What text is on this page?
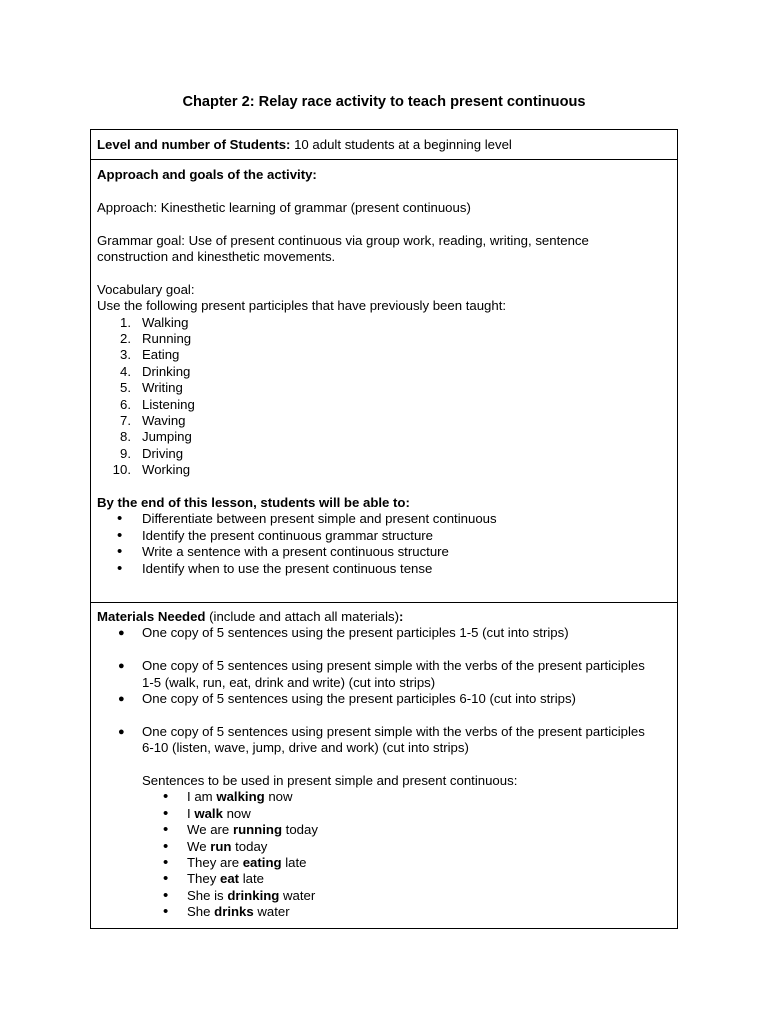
Chapter 2: Relay race activity to teach present continuous

Level and number of Students: 10 adult students at a beginning level

Approach and goals of the activity:

Approach: Kinesthetic learning of grammar (present continuous)

Grammar goal: Use of present continuous via group work, reading, writing, sentence

construction and kinesthetic movements.

Vocabulary goal:

Use the following present participles that have previously been taught:

1. Walking
2. Running
3. Eating
4. Drinking
5. Writing
6. Listening
7. Waving
8. Jumping
9. Driving
10. Working

By the end of this lesson, students will be able to:

• Differentiate between present simple and present continuous
• Identify the present continuous grammar structure
• Write a sentence with a present continuous structure
• Identify when to use the present continuous tense

Materials Needed (include and attach all materials):

● One copy of 5 sentences using the present participles 1-5 (cut into strips)
● One copy of 5 sentences using present simple with the verbs of the present participles
1-5 (walk, run, eat, drink and write) (cut into strips)
● One copy of 5 sentences using the present participles 6-10 (cut into strips)
● One copy of 5 sentences using present simple with the verbs of the present participles
6-10 (listen, wave, jump, drive and work) (cut into strips)

Sentences to be used in present simple and present continuous:

• I am walking now
• I walk now
• We are running today
• We run today
• They are eating late
• They eat late
• She is drinking water
• She drinks water
